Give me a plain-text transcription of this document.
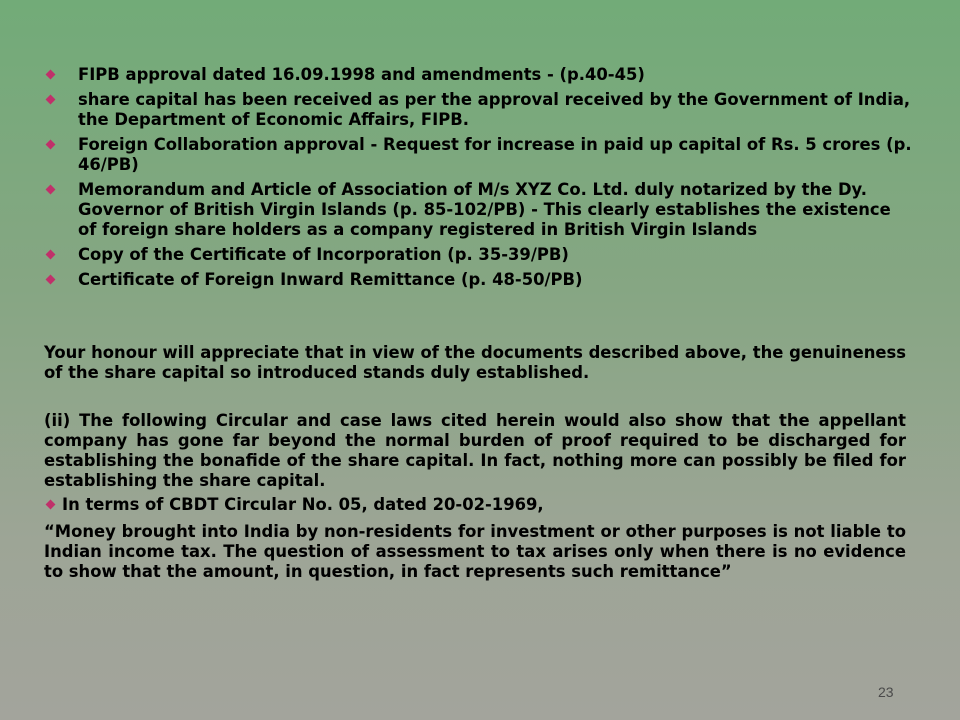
FIPB approval dated 16.09.1998 and amendments - (p.40-45)
share capital has been received as per the approval received by the Government of India, the Department of Economic Affairs, FIPB.
Foreign Collaboration approval - Request for increase in paid up capital of Rs. 5 crores (p. 46/PB)
Memorandum and Article of Association of M/s XYZ Co. Ltd. duly notarized by the Dy. Governor of British Virgin Islands (p. 85-102/PB) - This clearly establishes the existence of foreign share holders as a company registered in British Virgin Islands
Copy of the Certificate of Incorporation (p. 35-39/PB)
Certificate of Foreign Inward Remittance (p. 48-50/PB)

Your honour will appreciate that in view of the documents described above, the genuineness of the share capital so introduced stands duly established.

(ii) The following Circular and case laws cited herein would also show that the appellant company has gone far beyond the normal burden of proof required to be discharged for establishing the bonafide of the share capital. In fact, nothing more can possibly be filed for establishing the share capital.

In terms of CBDT Circular No. 05, dated 20-02-1969,

“Money brought into India by non-residents for investment or other purposes is not liable to Indian income tax. The question of assessment to tax arises only when there is no evidence to show that the amount, in question, in fact represents such remittance”

23
